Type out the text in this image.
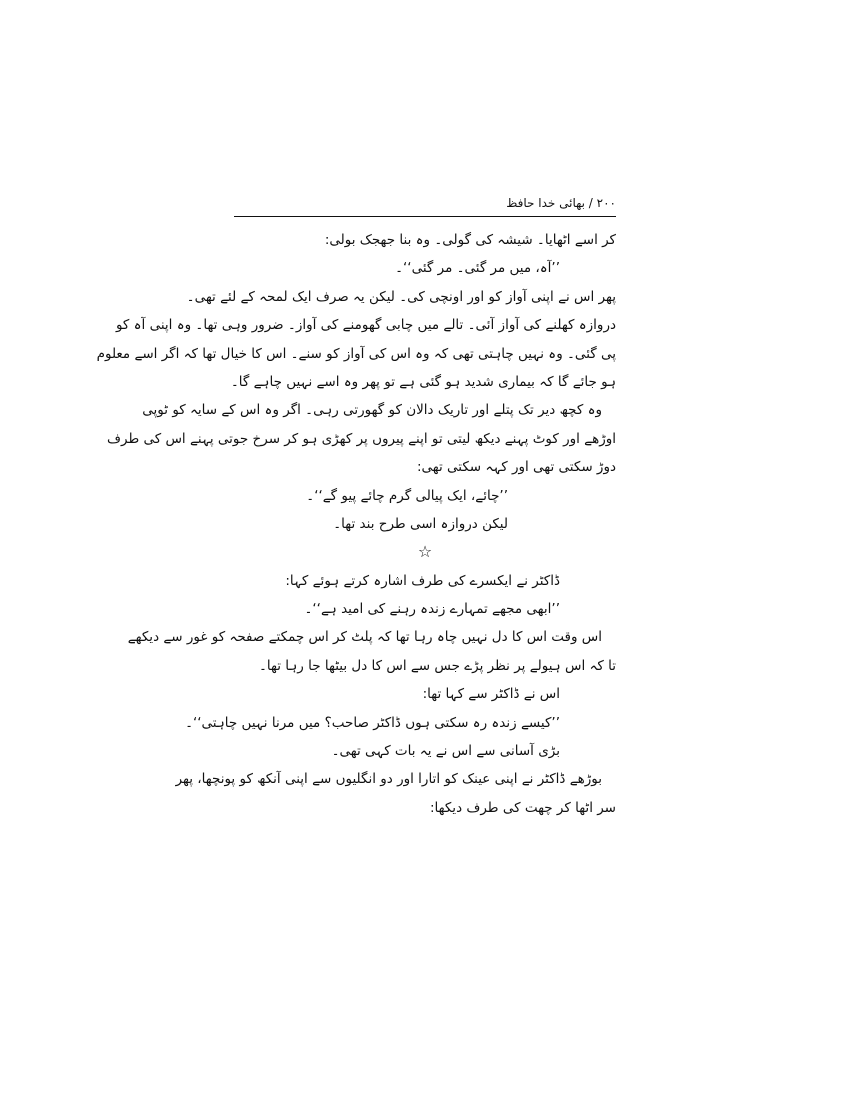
۲۰۰ / بھائی خدا حافظ
کر اسے اٹھایا۔ شیشہ کی گولی۔ وہ بنا جھجک بولی:
’’آہ، میں مر گئی۔ مر گئی‘‘۔
پھر اس نے اپنی آواز کو اور اونچی کی۔ لیکن یہ صرف ایک لمحہ کے لئے تھی۔
دروازہ کھلنے کی آواز آئی۔ تالے میں چابی گھومنے کی آواز۔ ضرور وہی تھا۔ وہ اپنی آہ کو
پی گئی۔ وہ نہیں چاہتی تھی کہ وہ اس کی آواز کو سنے۔ اس کا خیال تھا کہ اگر اسے معلوم
ہو جائے گا کہ بیماری شدید ہو گئی ہے تو پھر وہ اسے نہیں چاہے گا۔
وہ کچھ دیر تک پتلے اور تاریک دالان کو گھورتی رہی۔ اگر وہ اس کے سایہ کو ٹوپی
اوڑھے اور کوٹ پہنے دیکھ لیتی تو اپنے پیروں پر کھڑی ہو کر سرخ جوتی پہنے اس کی طرف
دوڑ سکتی تھی اور کہہ سکتی تھی:
’’چائے، ایک پیالی گرم چائے پیو گے‘‘۔
لیکن دروازہ اسی طرح بند تھا۔
☆
ڈاکٹر نے ایکسرے کی طرف اشارہ کرتے ہوئے کہا:
’’ابھی مجھے تمہارے زندہ رہنے کی امید ہے‘‘۔
اس وقت اس کا دل نہیں چاہ رہا تھا کہ پلٹ کر اس چمکتے صفحہ کو غور سے دیکھے
تا کہ اس ہیولے پر نظر پڑے جس سے اس کا دل بیٹھا جا رہا تھا۔
اس نے ڈاکٹر سے کہا تھا:
’’کیسے زندہ رہ سکتی ہوں ڈاکٹر صاحب؟ میں مرنا نہیں چاہتی‘‘۔
بڑی آسانی سے اس نے یہ بات کہی تھی۔
بوڑھے ڈاکٹر نے اپنی عینک کو اتارا اور دو انگلیوں سے اپنی آنکھ کو پونچھا، پھر
سر اٹھا کر چھت کی طرف دیکھا:
